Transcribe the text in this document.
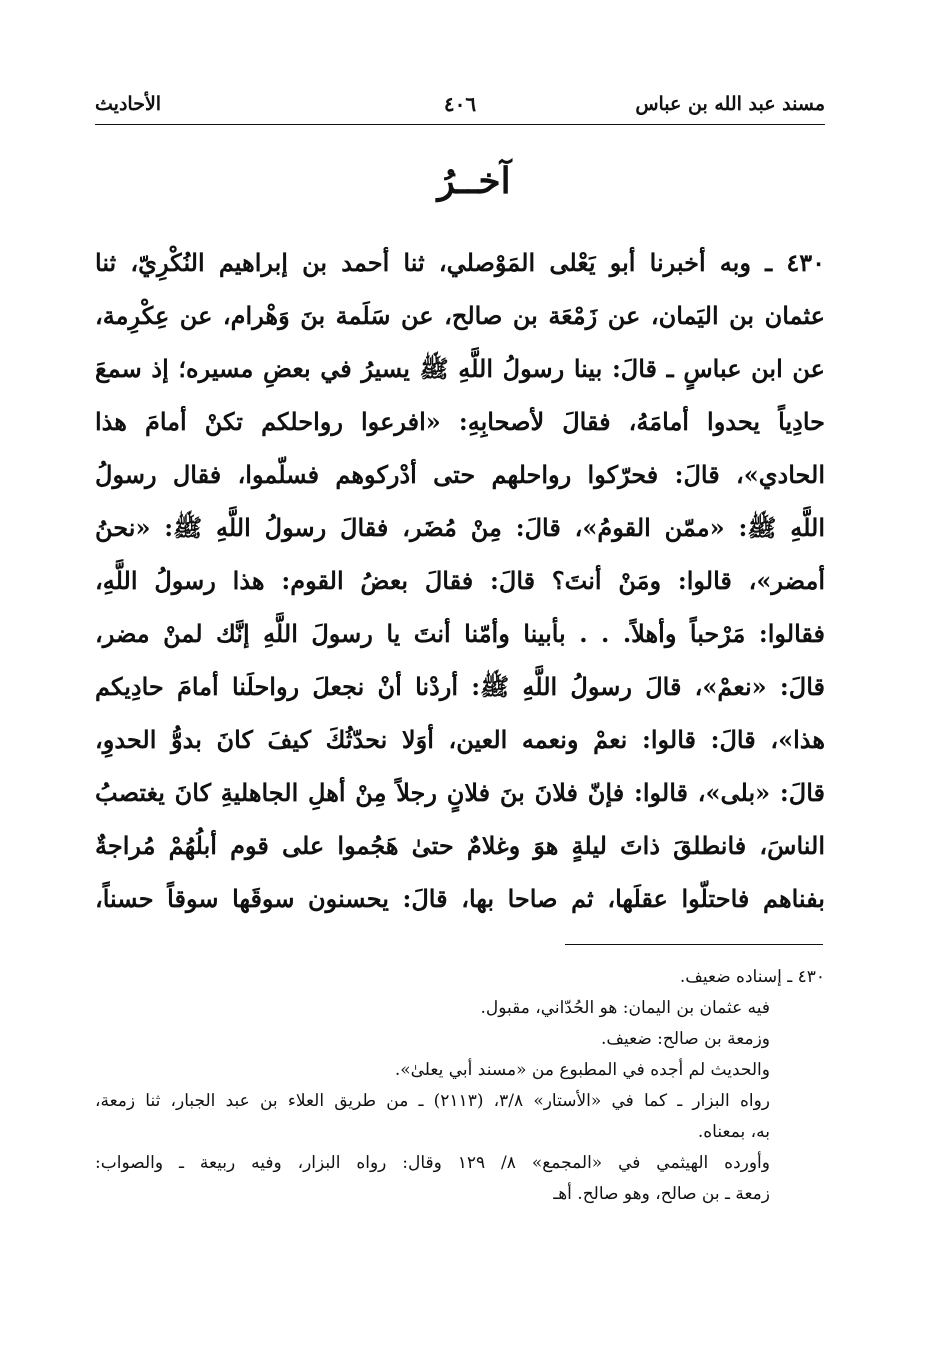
مسند عبد الله بن عباس
٤٠٦
الأحاديث
آخــرُ
٤٣٠ ـ وبه أخبرنا أبو يَعْلى المَوْصلي، ثنا أحمد بن إبراهيم النُكْرِيّ، ثنا
عثمان بن اليَمان، عن زَمْعَة بن صالح، عن سَلَمة بنَ وَهْرام، عن عِكْرِمة،
عن ابن عباسٍ ـ قالَ: بينا رسولُ اللَّهِ ﷺ يسيرُ في بعضِ مسيره؛ إذ سمعَ
حادِياً يحدوا أمامَهُ، فقالَ لأصحابِهِ: «افرعوا رواحلكم تكنْ أمامَ هذا
الحادي»، قالَ: فحرّكوا رواحلهم حتى أدْركوهم فسلّموا، فقال رسولُ
اللَّهِ ﷺ: «ممّن القومُ»، قالَ: مِنْ مُضَر، فقالَ رسولُ اللَّهِ ﷺ: «نحنُ
أمضر»، قالوا: ومَنْ أنتَ؟ قالَ: فقالَ بعضُ القوم: هذا رسولُ اللَّهِ،
فقالوا: مَرْحباً وأهلاً. . . بأبينا وأمّنا أنتَ يا رسولَ اللَّهِ إنَّك لمنْ مضر،
قالَ: «نعمْ»، قالَ رسولُ اللَّهِ ﷺ: أردْنا أنْ نجعلَ رواحلَنا أمامَ حادِيكم
هذا»، قالَ: قالوا: نعمْ ونعمه العين، أوَلا نحدّثُكَ كيفَ كانَ بدوُّ الحدوِ،
قالَ: «بلى»، قالوا: فإنّ فلانَ بنَ فلانٍ رجلاً مِنْ أهلِ الجاهليةِ كانَ يغتصبُ
الناسَ، فانطلقَ ذاتَ ليلةٍ هوَ وغلامٌ حتىٰ هَجُموا على قوم أبلُهُمْ مُراجةٌ
بفناهم فاحتلّوا عقلَها، ثم صاحا بها، قالَ: يحسنون سوقَها سوقاً حسناً،
٤٣٠ ـ إسناده ضعيف.
فيه عثمان بن اليمان: هو الحُدّاني، مقبول.
وزمعة بن صالح: ضعيف.
والحديث لم أجده في المطبوع من «مسند أبي يعلىٰ».
رواه البزار ـ كما في «الأستار» ٣/٨، (٢١١٣) ـ من طريق العلاء بن عبد الجبار، ثنا زمعة،
به، بمعناه.
وأورده الهيثمي في «المجمع» ٨/ ١٢٩ وقال: رواه البزار، وفيه ربيعة ـ والصواب:
زمعة ـ بن صالح، وهو صالح. أهـ
